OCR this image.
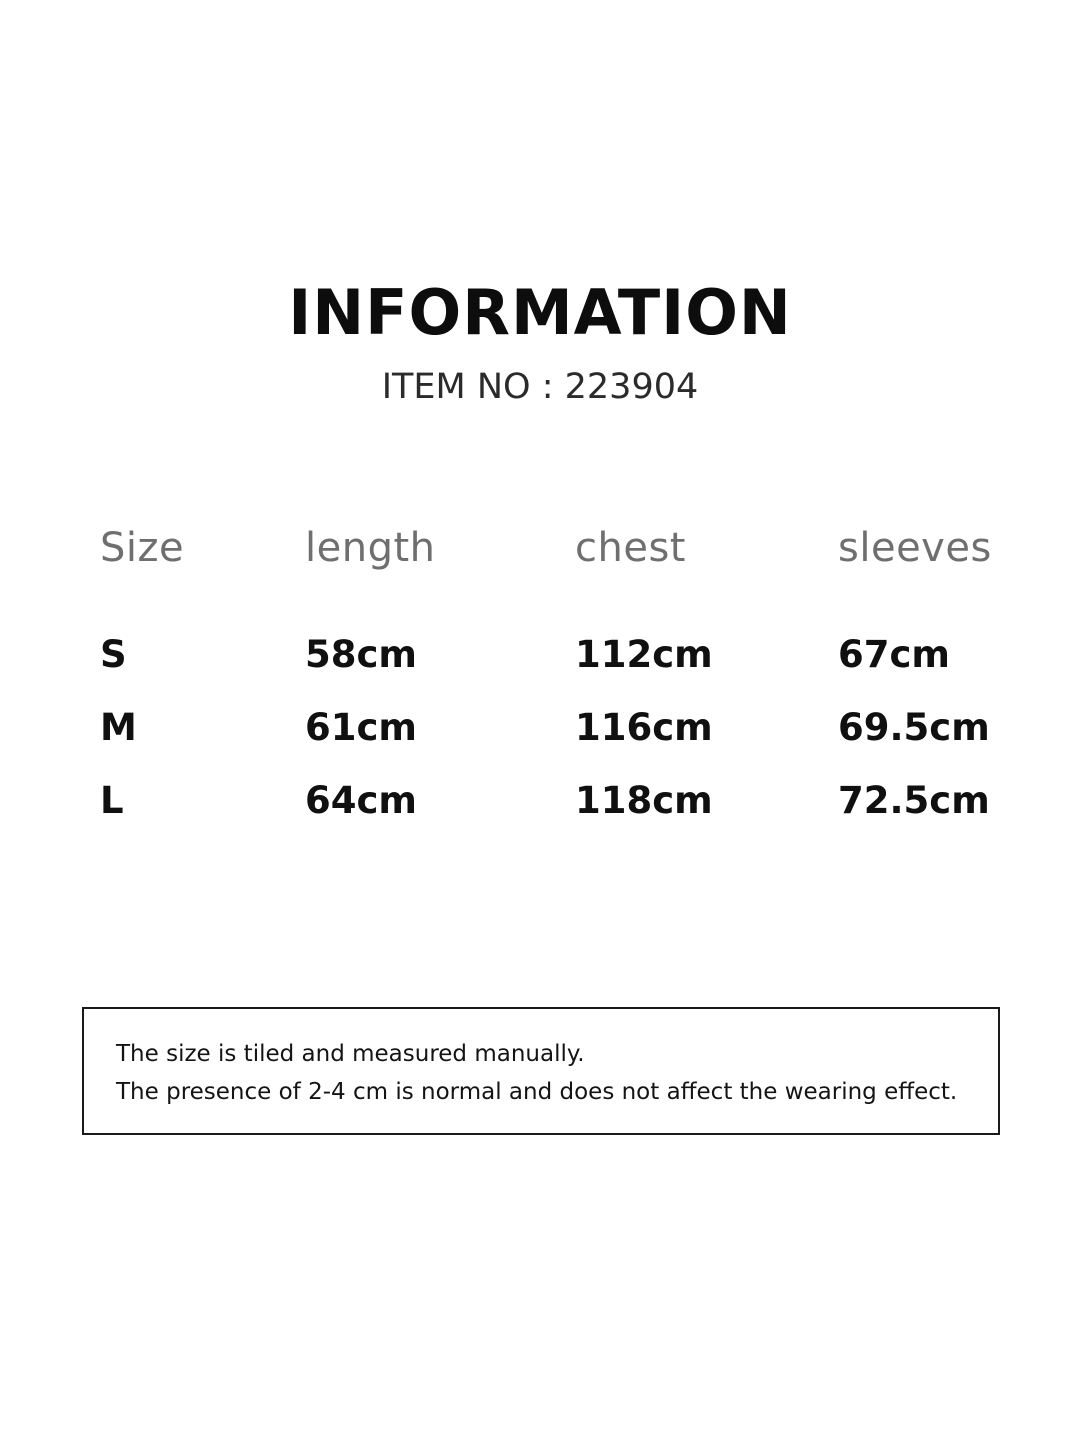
INFORMATION
ITEM NO : 223904
Size	length	chest	sleeves
S	58cm	112cm	67cm
M	61cm	116cm	69.5cm
L	64cm	118cm	72.5cm
The size is tiled and measured manually.
The presence of 2-4 cm is normal and does not affect the wearing effect.
